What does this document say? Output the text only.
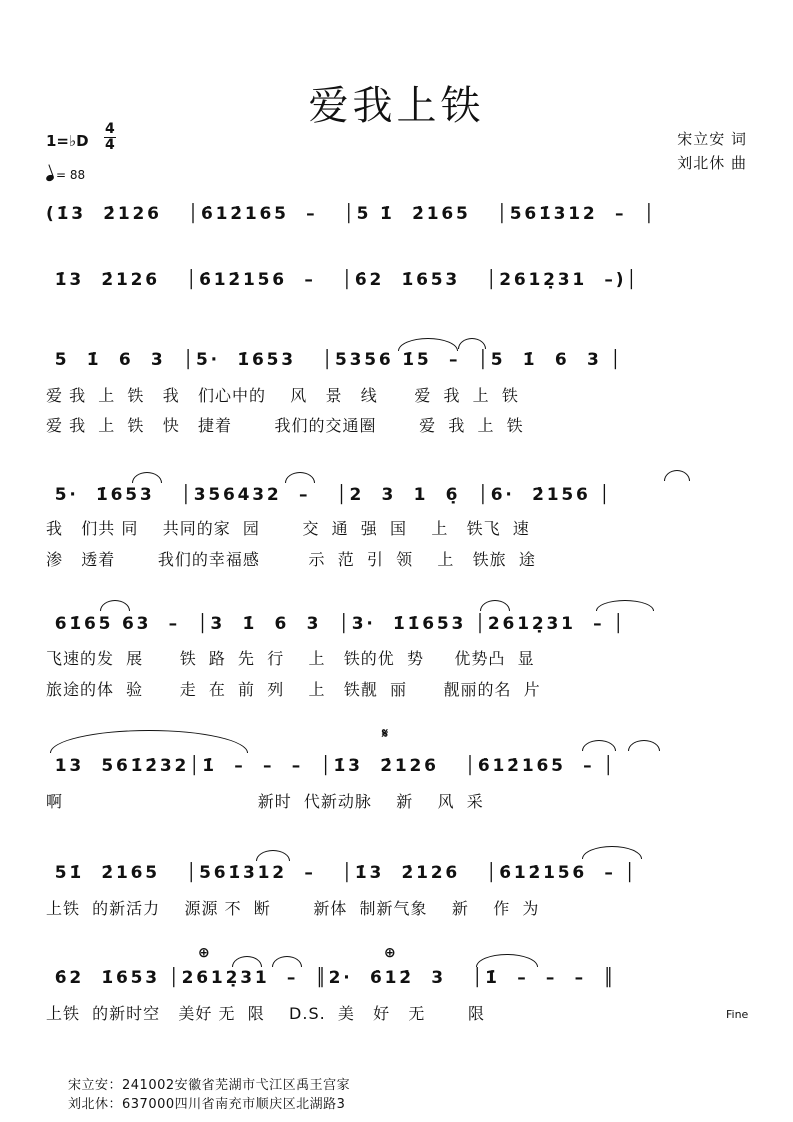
爱我上铁
1=♭D
4
4
= 88
宋立安 词
刘北休 曲
(1̇3  2̇126   │6̇12̇165  –   │5 1̇  2̇165   │561̇312  –  │
1̇3  2̇126   │6̇12̇156  –   │6̇2  1̇653   │2612̣31  –)│
5  1̇  6  3  │5·  1̇653   │5356 1̇5  –  │5  1̇  6  3 │
爱 我  上  铁   我   们心中的    风   景   线      爱  我  上  铁
爱 我  上  铁   快   捷着       我们的交通圈       爱  我  上  铁
5·  1̇653   │356432  –   │2  3  1  6̣  │6·  2̇156 │
我   们共 同    共同的家  园       交  通  强  国    上   铁飞  速
渗   透着       我们的幸福感        示  范  引  领    上   铁旅  途
61̇65 63  –  │3  1̇  6  3  │3·  1̇1̇653 │2612̣31  – │
飞速的发  展      铁  路  先  行    上   铁的优  势     优势凸  显
旅途的体  验      走  在  前  列    上   铁靓  丽      靓丽的名  片
𝄋
13  561̇2̇32│1̇  –  –  –  │1̇3  2̇126   │6̇12̇165  – │
啊                                新时  代新动脉    新    风  采
51̇  2̇165   │561̇312  –   │1̇3  2̇126   │6̇12̇156  – │
上铁  的新活力    源源 不  断       新体  制新气象    新    作  为
⊕	⊕
6̇2  1̇653 │2612̣31  –  ║2·  6̇12̇  3   │1̇  –  –  –  ║
上铁  的新时空   美好 无  限    D.S.  美   好   无       限	Fine
宋立安：241002安徽省芜湖市弋江区禹王宫家
刘北休：637000四川省南充市顺庆区北湖路3
